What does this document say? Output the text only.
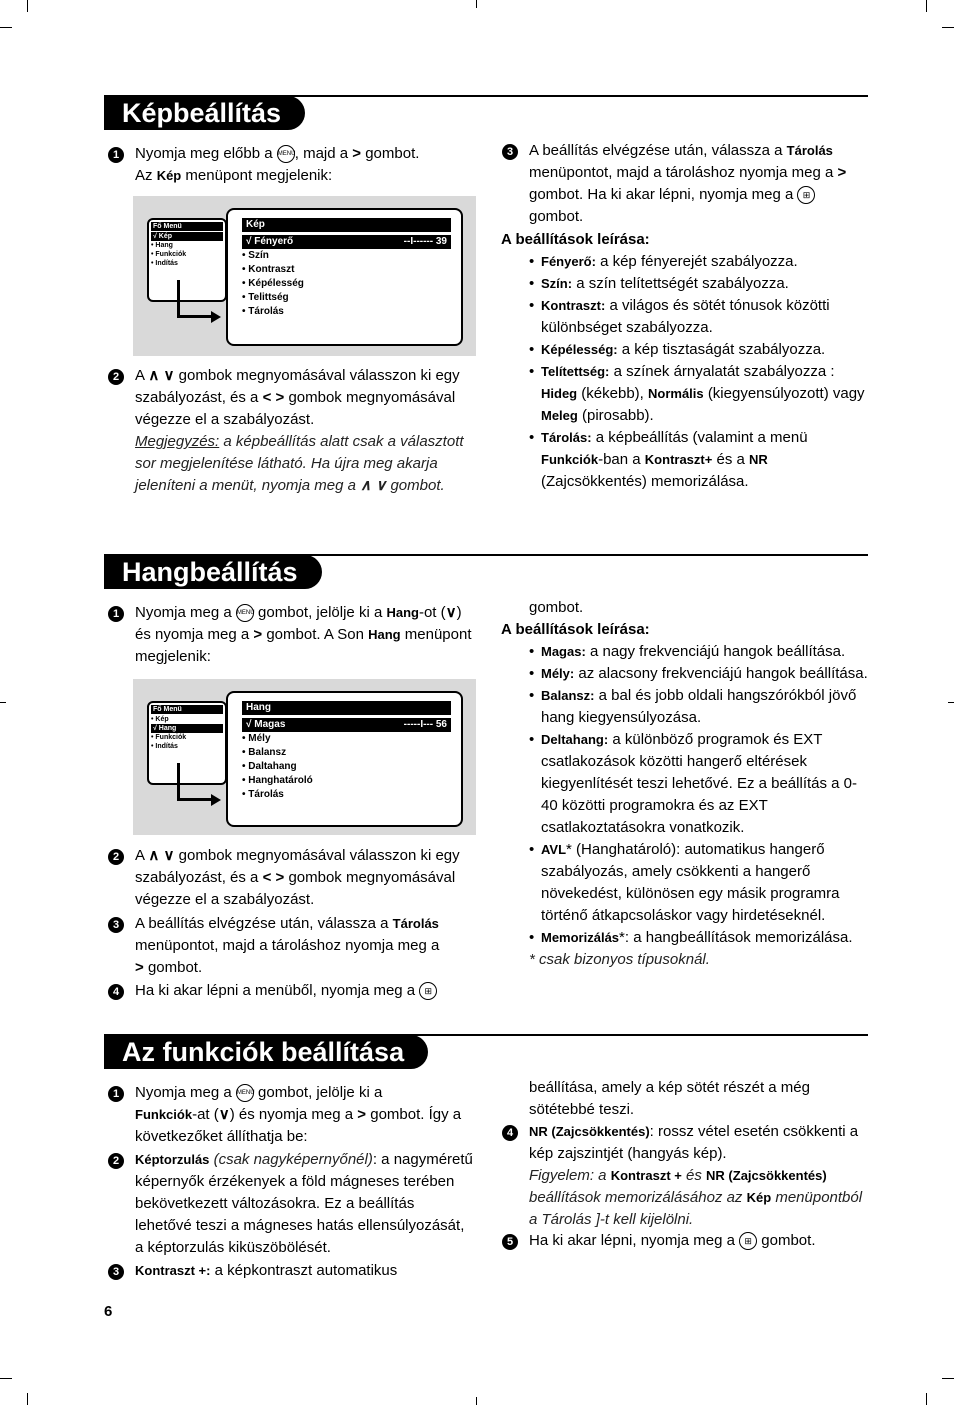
Képbeállítás
1	Nyomja meg előbb a MENU, majd a > gombot.
Az Kép menüpont megjelenik:

Fő Menü
√ Kép
• Hang
• Funkciók
• Indítás
Kép
√ Fényerő	--I------ 39
• Szín
• Kontraszt
• Képélesség
• Telittség
• Tárolás
2	A ∧ ∨ gombok megnyomásával válasszon ki egy szabályozást, és a < > gombok megnyomásával végezze el a szabályozást.

Megjegyzés: a képbeállítás alatt csak a választott sor megjelenítése látható. Ha újra meg akarja jeleníteni a menüt, nyomja meg a ∧ ∨ gombot.

3	A beállítás elvégzése után, válassza a Tárolás menüpontot, majd a tároláshoz nyomja meg a > gombot. Ha ki akar lépni, nyomja meg a ⊞ gombot.

A beállítások leírása:

• Fényerő: a kép fényerejét szabályozza.

• Szín: a szín telítettségét szabályozza.

• Kontraszt: a világos és sötét tónusok közötti különbséget szabályozza.

• Képélesség: a kép tisztaságát szabályozza.

• Telítettség: a színek árnyalatát szabályozza : Hideg (kékebb), Normális (kiegyensúlyozott) vagy Meleg (pirosabb).

• Tárolás: a képbeállítás (valamint a menü Funkciók-ban a Kontraszt+ és a NR (Zajcsökkentés) memorizálása.

Hangbeállítás
1	Nyomja meg a MENU gombot, jelölje ki a Hang-ot (∨) és nyomja meg a > gombot. A Son Hang menüpont megjelenik:

Fő Menü
• Kép
√ Hang
• Funkciók
• Indítás
Hang
√ Magas	-----I--- 56
• Mély
• Balansz
• Daltahang
• Hanghatároló
• Tárolás
2	A ∧ ∨ gombok megnyomásával válasszon ki egy szabályozást, és a < > gombok megnyomásával végezze el a szabályozást.

3	A beállítás elvégzése után, válassza a Tárolás menüpontot, majd a tároláshoz nyomja meg a
> gombot.

4	Ha ki akar lépni a menüből, nyomja meg a ⊞

gombot.

A beállítások leírása:

• Magas: a nagy frekvenciájú hangok beállítása.

• Mély: az alacsony frekvenciájú hangok beállítása.

• Balansz: a bal és jobb oldali hangszórókból jövő hang kiegyensúlyozása.

• Deltahang: a különböző programok és EXT csatlakozások közötti hangerő eltérések kiegyenlítését teszi lehetővé. Ez a beállítás a 0-40 közötti programokra és az EXT csatlakoztatásokra vonatkozik.

• AVL* (Hanghatároló): automatikus hangerő szabályozás, amely csökkenti a hangerő növekedést, különösen egy másik programra történő átkapcsoláskor vagy hirdetéseknél.

• Memorizálás*: a hangbeállítások memorizálása.

* csak bizonyos típusoknál.

Az funkciók beállítása
1	Nyomja meg a MENU gombot, jelölje ki a
Funkciók-at (∨) és nyomja meg a > gombot. Így a következőket állíthatja be:

2	Képtorzulás (csak nagyképernyőnél): a nagyméretű képernyők érzékenyek a föld mágneses terében bekövetkezett változásokra. Ez a beállítás lehetővé teszi a mágneses hatás ellensúlyozását, a képtorzulás kiküszöbölését.

3	Kontraszt +: a képkontraszt automatikus

beállítása, amely a kép sötét részét a még sötétebbé teszi.

4	NR (Zajcsökkentés): rossz vétel esetén csökkenti a kép zajszintjét (hangyás kép).

Figyelem: a Kontraszt + és NR (Zajcsökkentés) beállítások memorizálásához az Kép menüpontból a Tárolás ]-t kell kijelölni.

5	Ha ki akar lépni, nyomja meg a ⊞ gombot.

6
